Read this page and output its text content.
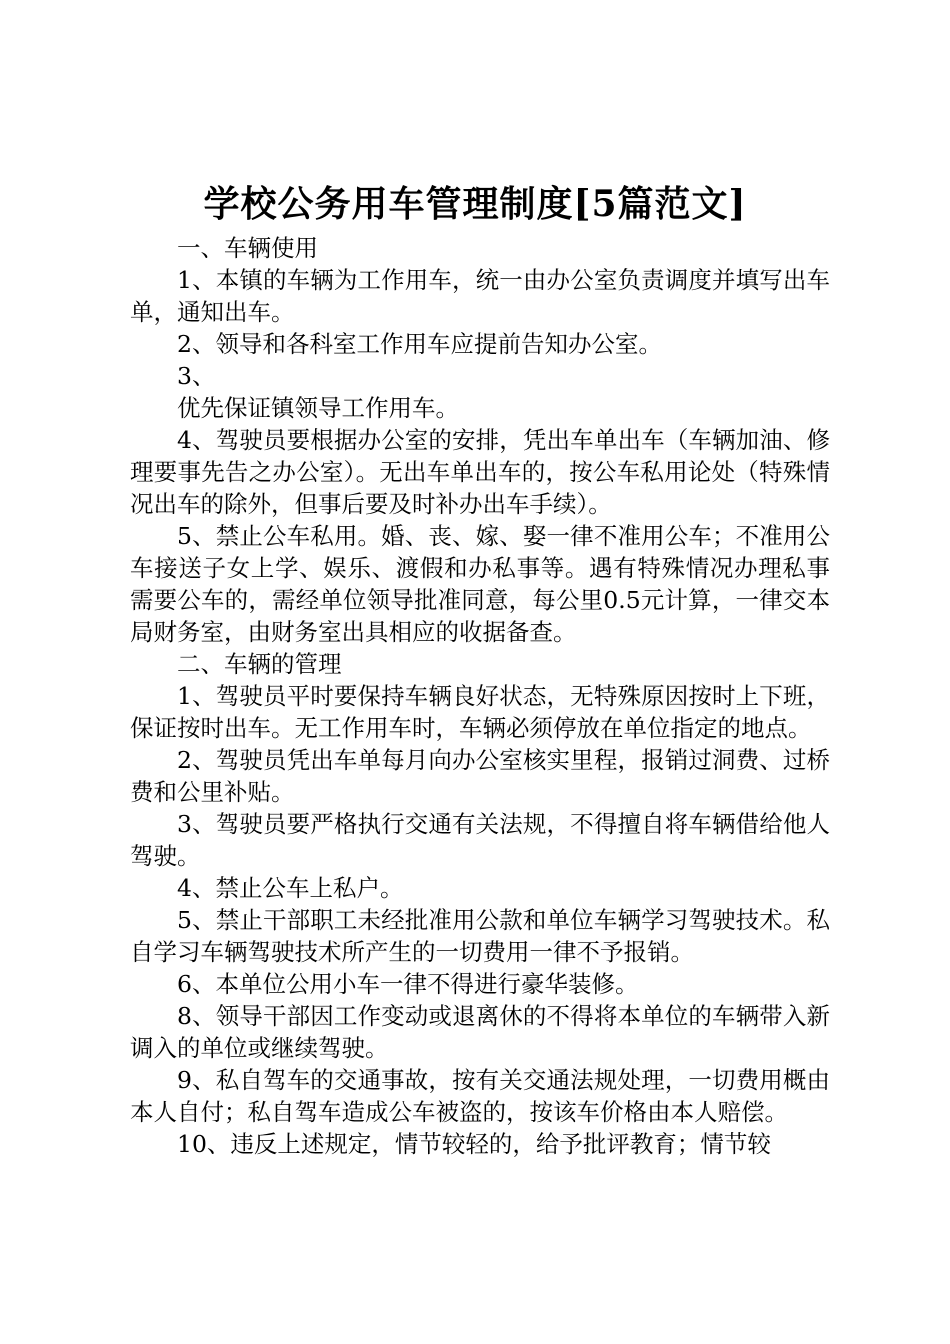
学校公务用车管理制度[5篇范文]

一、车辆使用

1、本镇的车辆为工作用车，统一由办公室负责调度并填写出车单，通知出车。

2、领导和各科室工作用车应提前告知办公室。

3、

优先保证镇领导工作用车。

4、驾驶员要根据办公室的安排，凭出车单出车（车辆加油、修理要事先告之办公室）。无出车单出车的，按公车私用论处（特殊情况出车的除外，但事后要及时补办出车手续）。

5、禁止公车私用。婚、丧、嫁、娶一律不准用公车；不准用公车接送子女上学、娱乐、渡假和办私事等。遇有特殊情况办理私事需要公车的，需经单位领导批准同意，每公里0.5元计算，一律交本局财务室，由财务室出具相应的收据备查。

二、车辆的管理

1、驾驶员平时要保持车辆良好状态，无特殊原因按时上下班，保证按时出车。无工作用车时，车辆必须停放在单位指定的地点。

2、驾驶员凭出车单每月向办公室核实里程，报销过洞费、过桥费和公里补贴。

3、驾驶员要严格执行交通有关法规，不得擅自将车辆借给他人驾驶。

4、禁止公车上私户。

5、禁止干部职工未经批准用公款和单位车辆学习驾驶技术。私自学习车辆驾驶技术所产生的一切费用一律不予报销。

6、本单位公用小车一律不得进行豪华装修。

8、领导干部因工作变动或退离休的不得将本单位的车辆带入新调入的单位或继续驾驶。

9、私自驾车的交通事故，按有关交通法规处理，一切费用概由本人自付；私自驾车造成公车被盗的，按该车价格由本人赔偿。

10、违反上述规定，情节较轻的，给予批评教育；情节较
